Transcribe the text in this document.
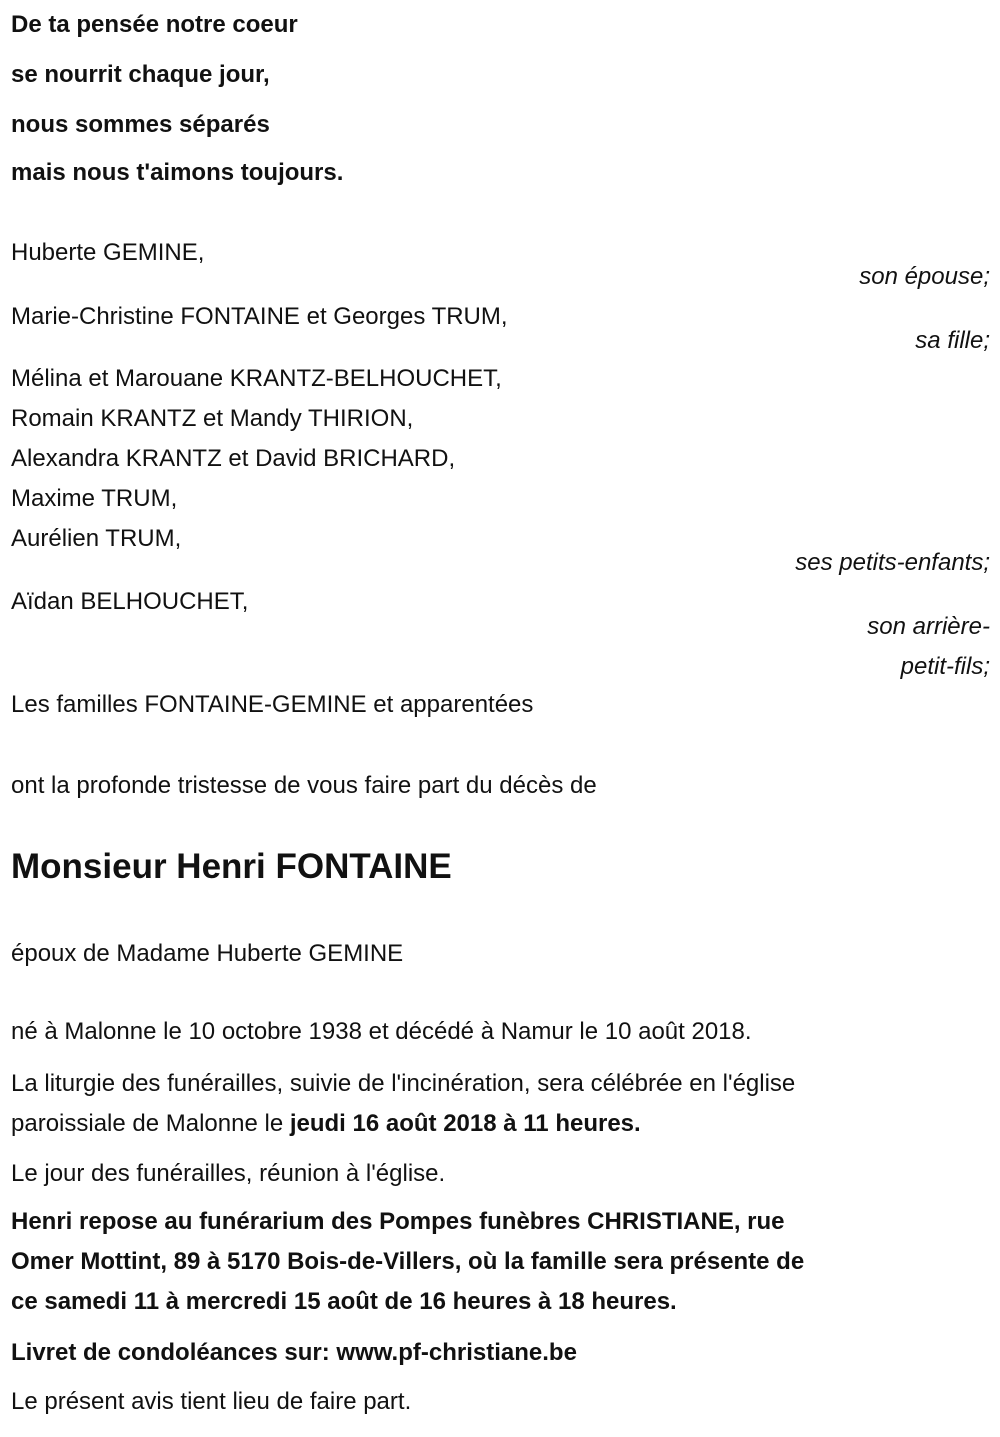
De ta pensée notre coeur
se nourrit chaque jour,
nous sommes séparés
mais nous t'aimons toujours.
Huberte GEMINE,
son épouse;
Marie-Christine FONTAINE et Georges TRUM,
sa fille;
Mélina et Marouane KRANTZ-BELHOUCHET,
Romain KRANTZ et Mandy THIRION,
Alexandra KRANTZ et David BRICHARD,
Maxime TRUM,
Aurélien TRUM,
ses petits-enfants;
Aïdan BELHOUCHET,
son arrière-
petit-fils;
Les familles FONTAINE-GEMINE et apparentées
ont la profonde tristesse de vous faire part du décès de
Monsieur Henri FONTAINE
époux de Madame Huberte GEMINE
né à Malonne le 10 octobre 1938 et décédé à Namur le 10 août 2018.
La liturgie des funérailles, suivie de l'incinération, sera célébrée en l'église
paroissiale de Malonne le jeudi 16 août 2018 à 11 heures.
Le jour des funérailles, réunion à l'église.
Henri repose au funérarium des Pompes funèbres CHRISTIANE, rue
Omer Mottint, 89 à 5170 Bois-de-Villers, où la famille sera présente de
ce samedi 11 à mercredi 15 août de 16 heures à 18 heures.
Livret de condoléances sur: www.pf-christiane.be
Le présent avis tient lieu de faire part.
